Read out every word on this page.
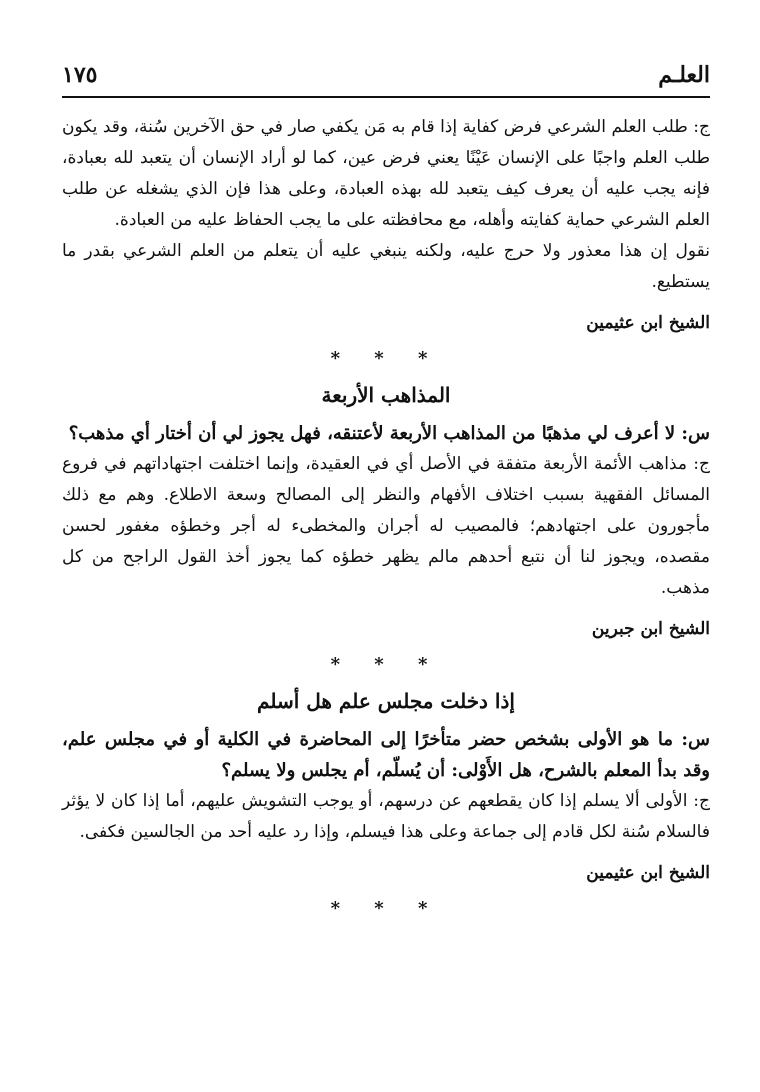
العلـم
١٧٥

ج: طلب العلم الشرعي فرض كفاية إذا قام به مَن يكفي صار في حق الآخرين سُنة، وقد يكون طلب العلم واجبًا على الإنسان عَيْنًا يعني فرض عين، كما لو أراد الإنسان أن يتعبد لله بعبادة، فإنه يجب عليه أن يعرف كيف يتعبد لله بهذه العبادة، وعلى هذا فإن الذي يشغله عن طلب العلم الشرعي حماية كفايته وأهله، مع محافظته على ما يجب الحفاظ عليه من العبادة.

نقول إن هذا معذور ولا حرج عليه، ولكنه ينبغي عليه أن يتعلم من العلم الشرعي بقدر ما يستطيع.

الشيخ ابن عثيمين
* * *
المذاهب الأربعة

س: لا أعرف لي مذهبًا من المذاهب الأربعة لأعتنقه، فهل يجوز لي أن أختار أي مذهب؟

ج: مذاهب الأئمة الأربعة متفقة في الأصل أي في العقيدة، وإنما اختلفت اجتهاداتهم في فروع المسائل الفقهية بسبب اختلاف الأفهام والنظر إلى المصالح وسعة الاطلاع. وهم مع ذلك مأجورون على اجتهادهم؛ فالمصيب له أجران والمخطىء له أجر وخطؤه مغفور لحسن مقصده، ويجوز لنا أن نتبع أحدهم مالم يظهر خطؤه كما يجوز أخذ القول الراجح من كل مذهب.

الشيخ ابن جبرين
* * *
إذا دخلت مجلس علم هل أسلم

س: ما هو الأولى بشخص حضر متأخرًا إلى المحاضرة في الكلية أو في مجلس علم، وقد بدأ المعلم بالشرح، هل الأَوْلى: أن يُسلّم، أم يجلس ولا يسلم؟

ج: الأولى ألا يسلم إذا كان يقطعهم عن درسهم، أو يوجب التشويش عليهم، أما إذا كان لا يؤثر فالسلام سُنة لكل قادم إلى جماعة وعلى هذا فيسلم، وإذا رد عليه أحد من الجالسين فكفى.

الشيخ ابن عثيمين
* * *
